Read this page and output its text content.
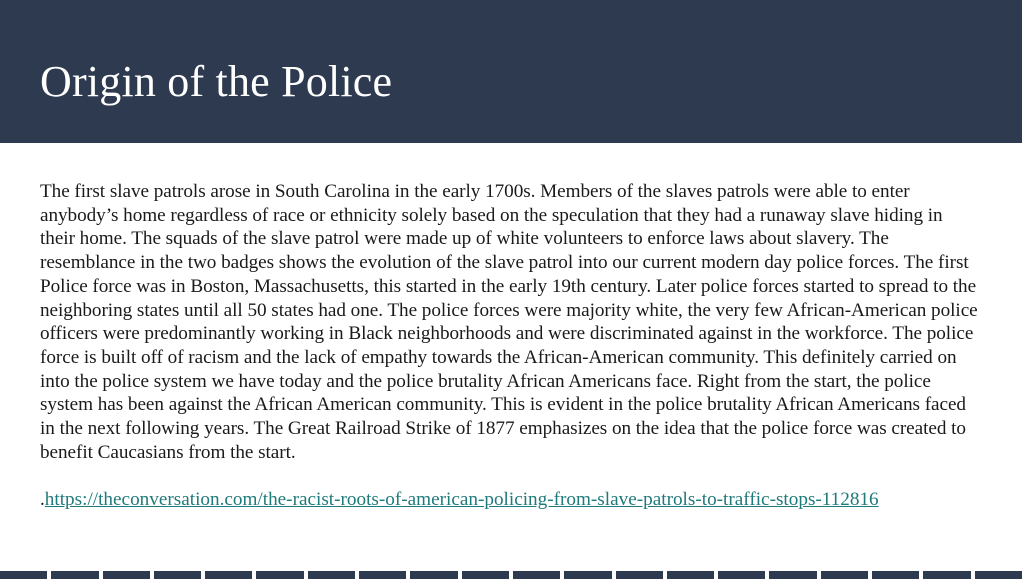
Origin of the Police

The first slave patrols arose in South Carolina in the early 1700s. Members of the slaves patrols were able to enter anybody’s home regardless of race or ethnicity solely based on the speculation that they had a runaway slave hiding in their home. The squads of the slave patrol were made up of white volunteers to enforce laws about slavery. The resemblance in the two badges shows the evolution of the slave patrol into our current modern day police forces. The first Police force was in Boston, Massachusetts, this started in the early 19th century. Later police forces started to spread to the neighboring states until all 50 states had one. The police forces were majority white, the very few African-American police officers were predominantly working in Black neighborhoods and were discriminated against in the workforce. The police force is built off of racism and the lack of empathy towards the African-American community. This definitely carried on into the police system we have today and the police brutality African Americans face. Right from the start, the police system has been against the African American community. This is evident in the police brutality African Americans faced in the next following years. The Great Railroad Strike of 1877 emphasizes on the idea that the police force was created to benefit Caucasians from the start.

.https://theconversation.com/the-racist-roots-of-american-policing-from-slave-patrols-to-traffic-stops-112816
